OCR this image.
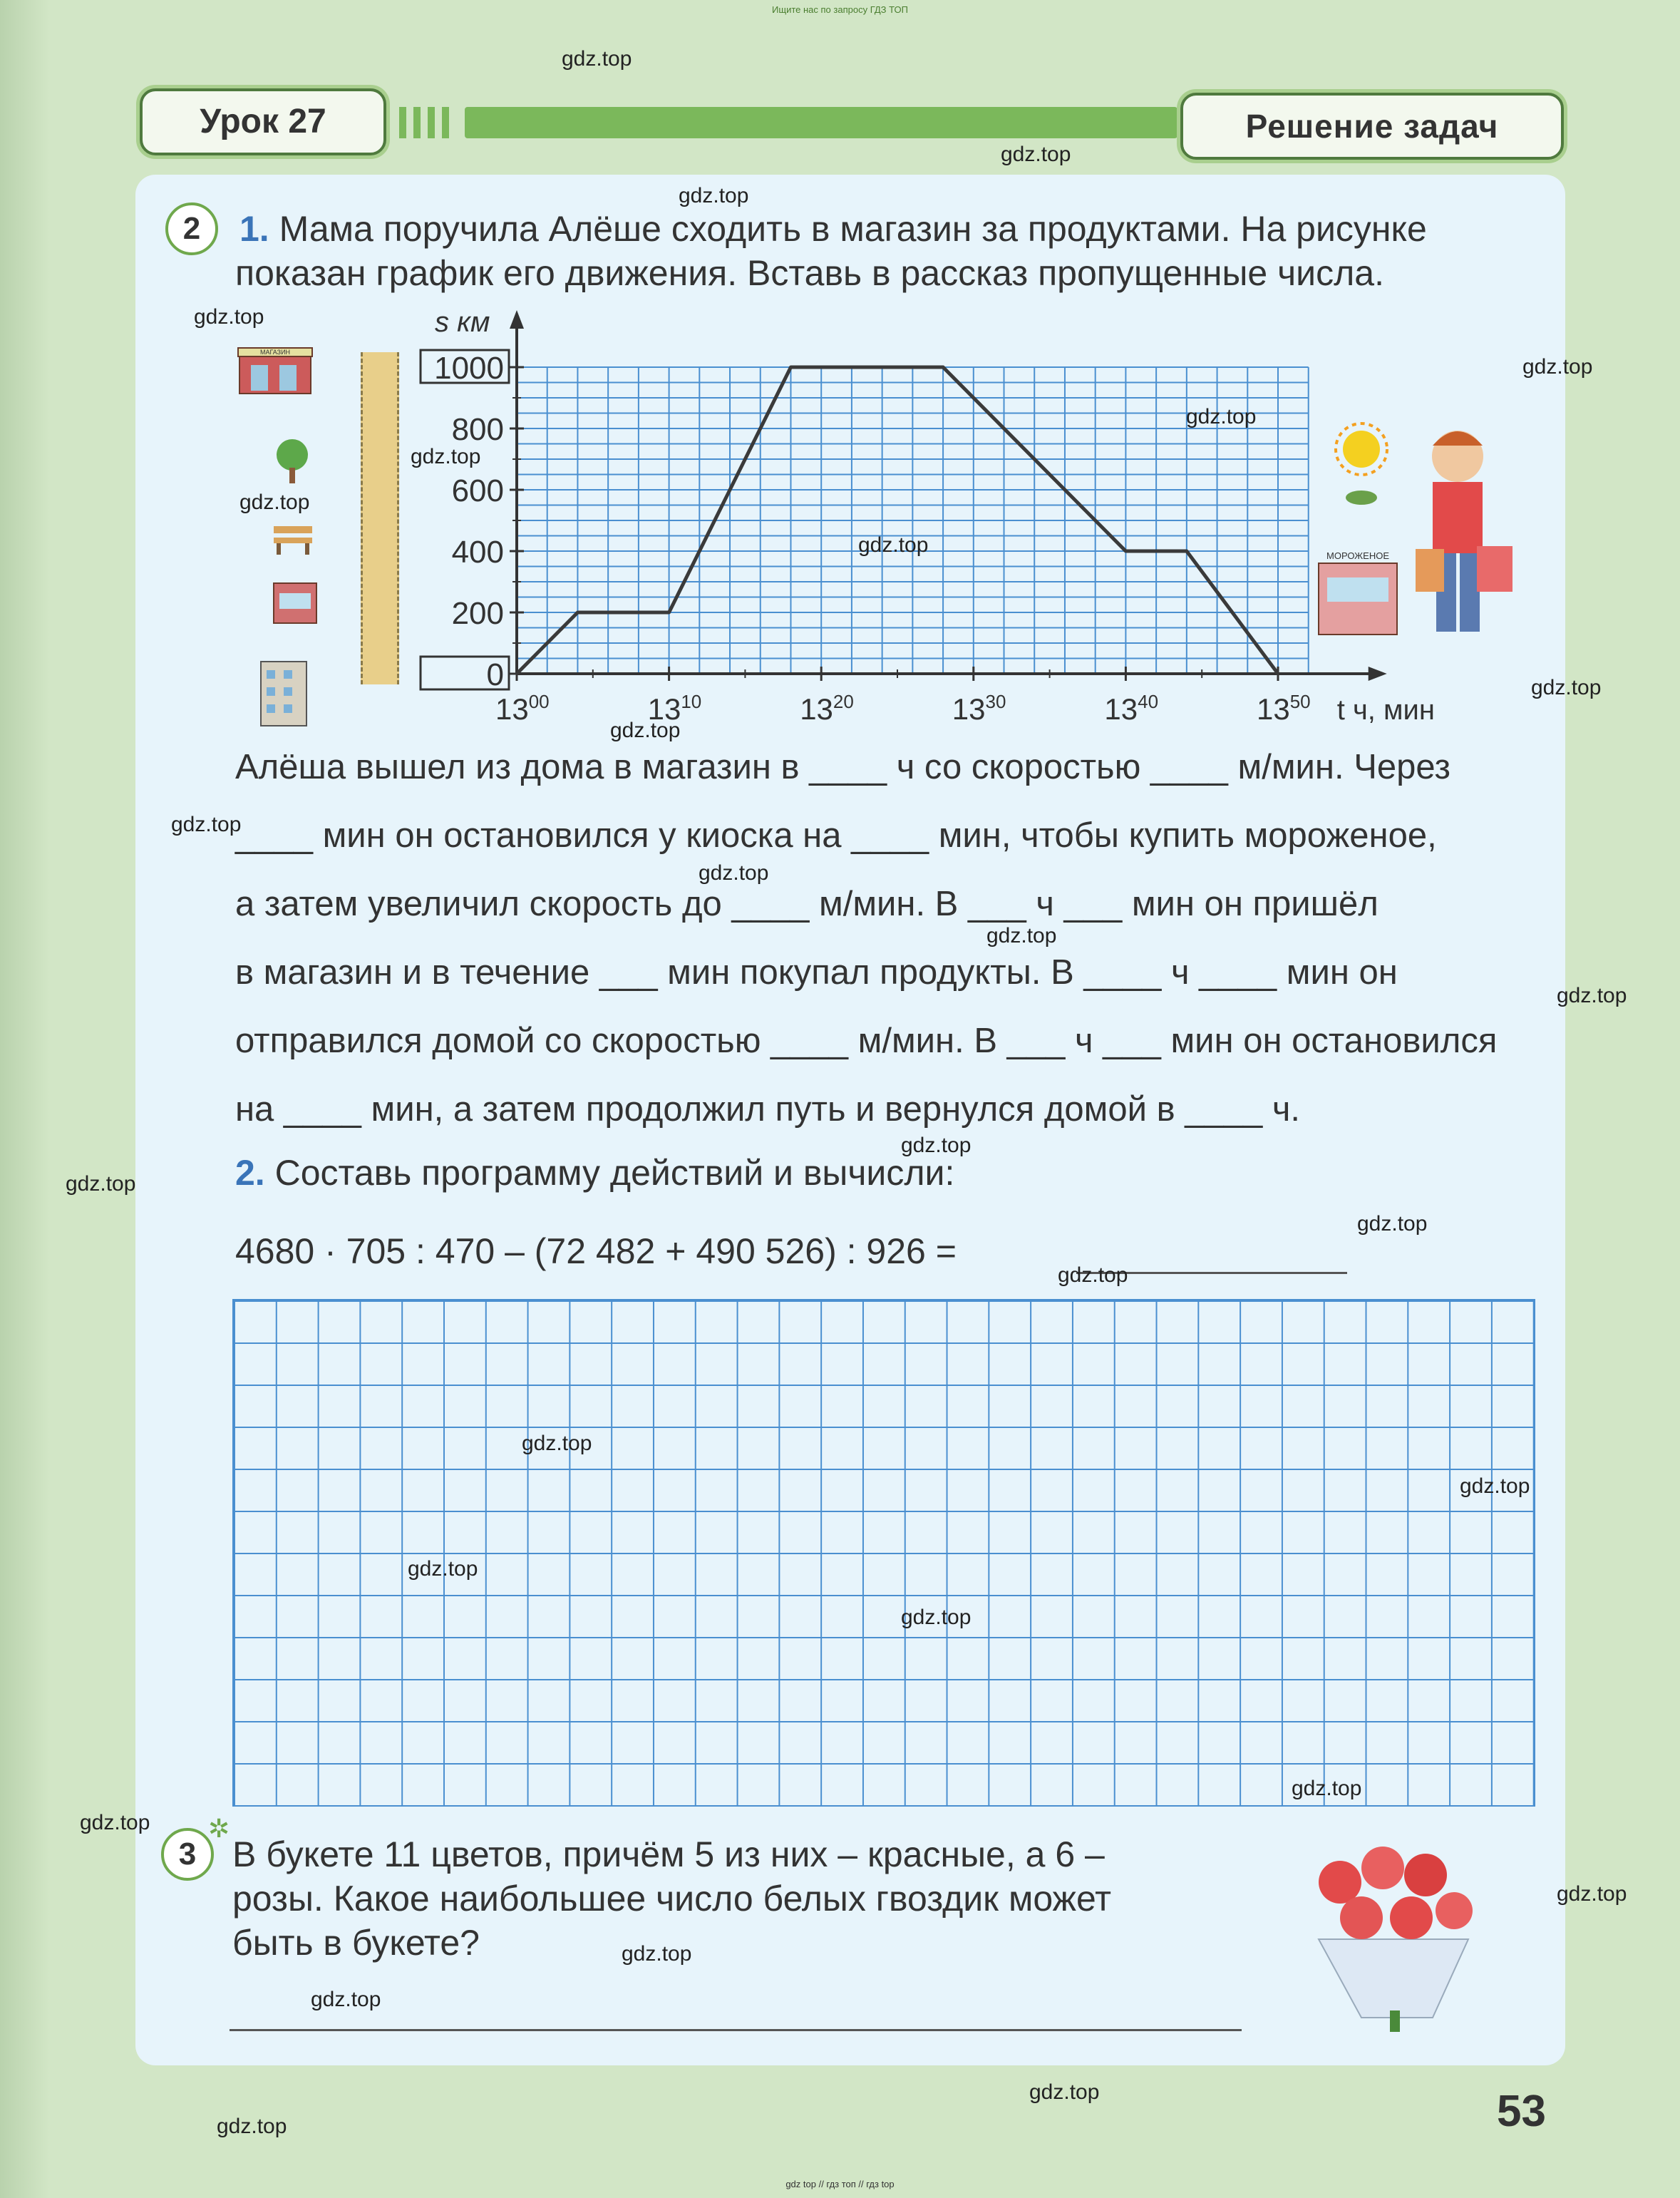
Ищите нас по запросу ГДЗ ТОП
Урок 27	Решение задач
2	1. Мама поручила Алёше сходить в магазин за продуктами. На рисунке
показан график его движения. Вставь в рассказ пропущенные числа.
МАГАЗИН
0
200
400
600
800
1000
$13^{00}$	$13^{10}$	$13^{20}$	$13^{30}$	$13^{40}$	$13^{50}$
s км
t ч, мин
МОРОЖЕНОЕ
Алёша вышел из дома в магазин в ____ ч со скоростью ____ м/мин. Через
____ мин он остановился у киоска на ____ мин, чтобы купить мороженое,
а затем увеличил скорость до ____ м/мин. В ___ ч ___ мин он пришёл
в магазин и в течение ___ мин покупал продукты. В ____ ч ____ мин он
отправился домой со скоростью ____ м/мин. В ___ ч ___ мин он остановился
на ____ мин, а затем продолжил путь и вернулся домой в ____ ч.
2. Составь программу действий и вычисли:
4680 · 705 : 470 – (72 482 + 490 526) : 926 =
✲
3	В букете 11 цветов, причём 5 из них – красные, а 6 –
розы. Какое наибольшее число белых гвоздик может
быть в букете?
53
gdz top // гдз топ // гдз top
gdz.top
gdz.top
gdz.top
gdz.top
gdz.top
gdz.top
gdz.top
gdz.top
gdz.top
gdz.top
gdz.top
gdz.top
gdz.top
gdz.top
gdz.top
gdz.top
gdz.top
gdz.top
gdz.top
gdz.top
gdz.top
gdz.top
gdz.top
gdz.top
gdz.top
gdz.top
gdz.top
gdz.top
gdz.top
gdz.top
